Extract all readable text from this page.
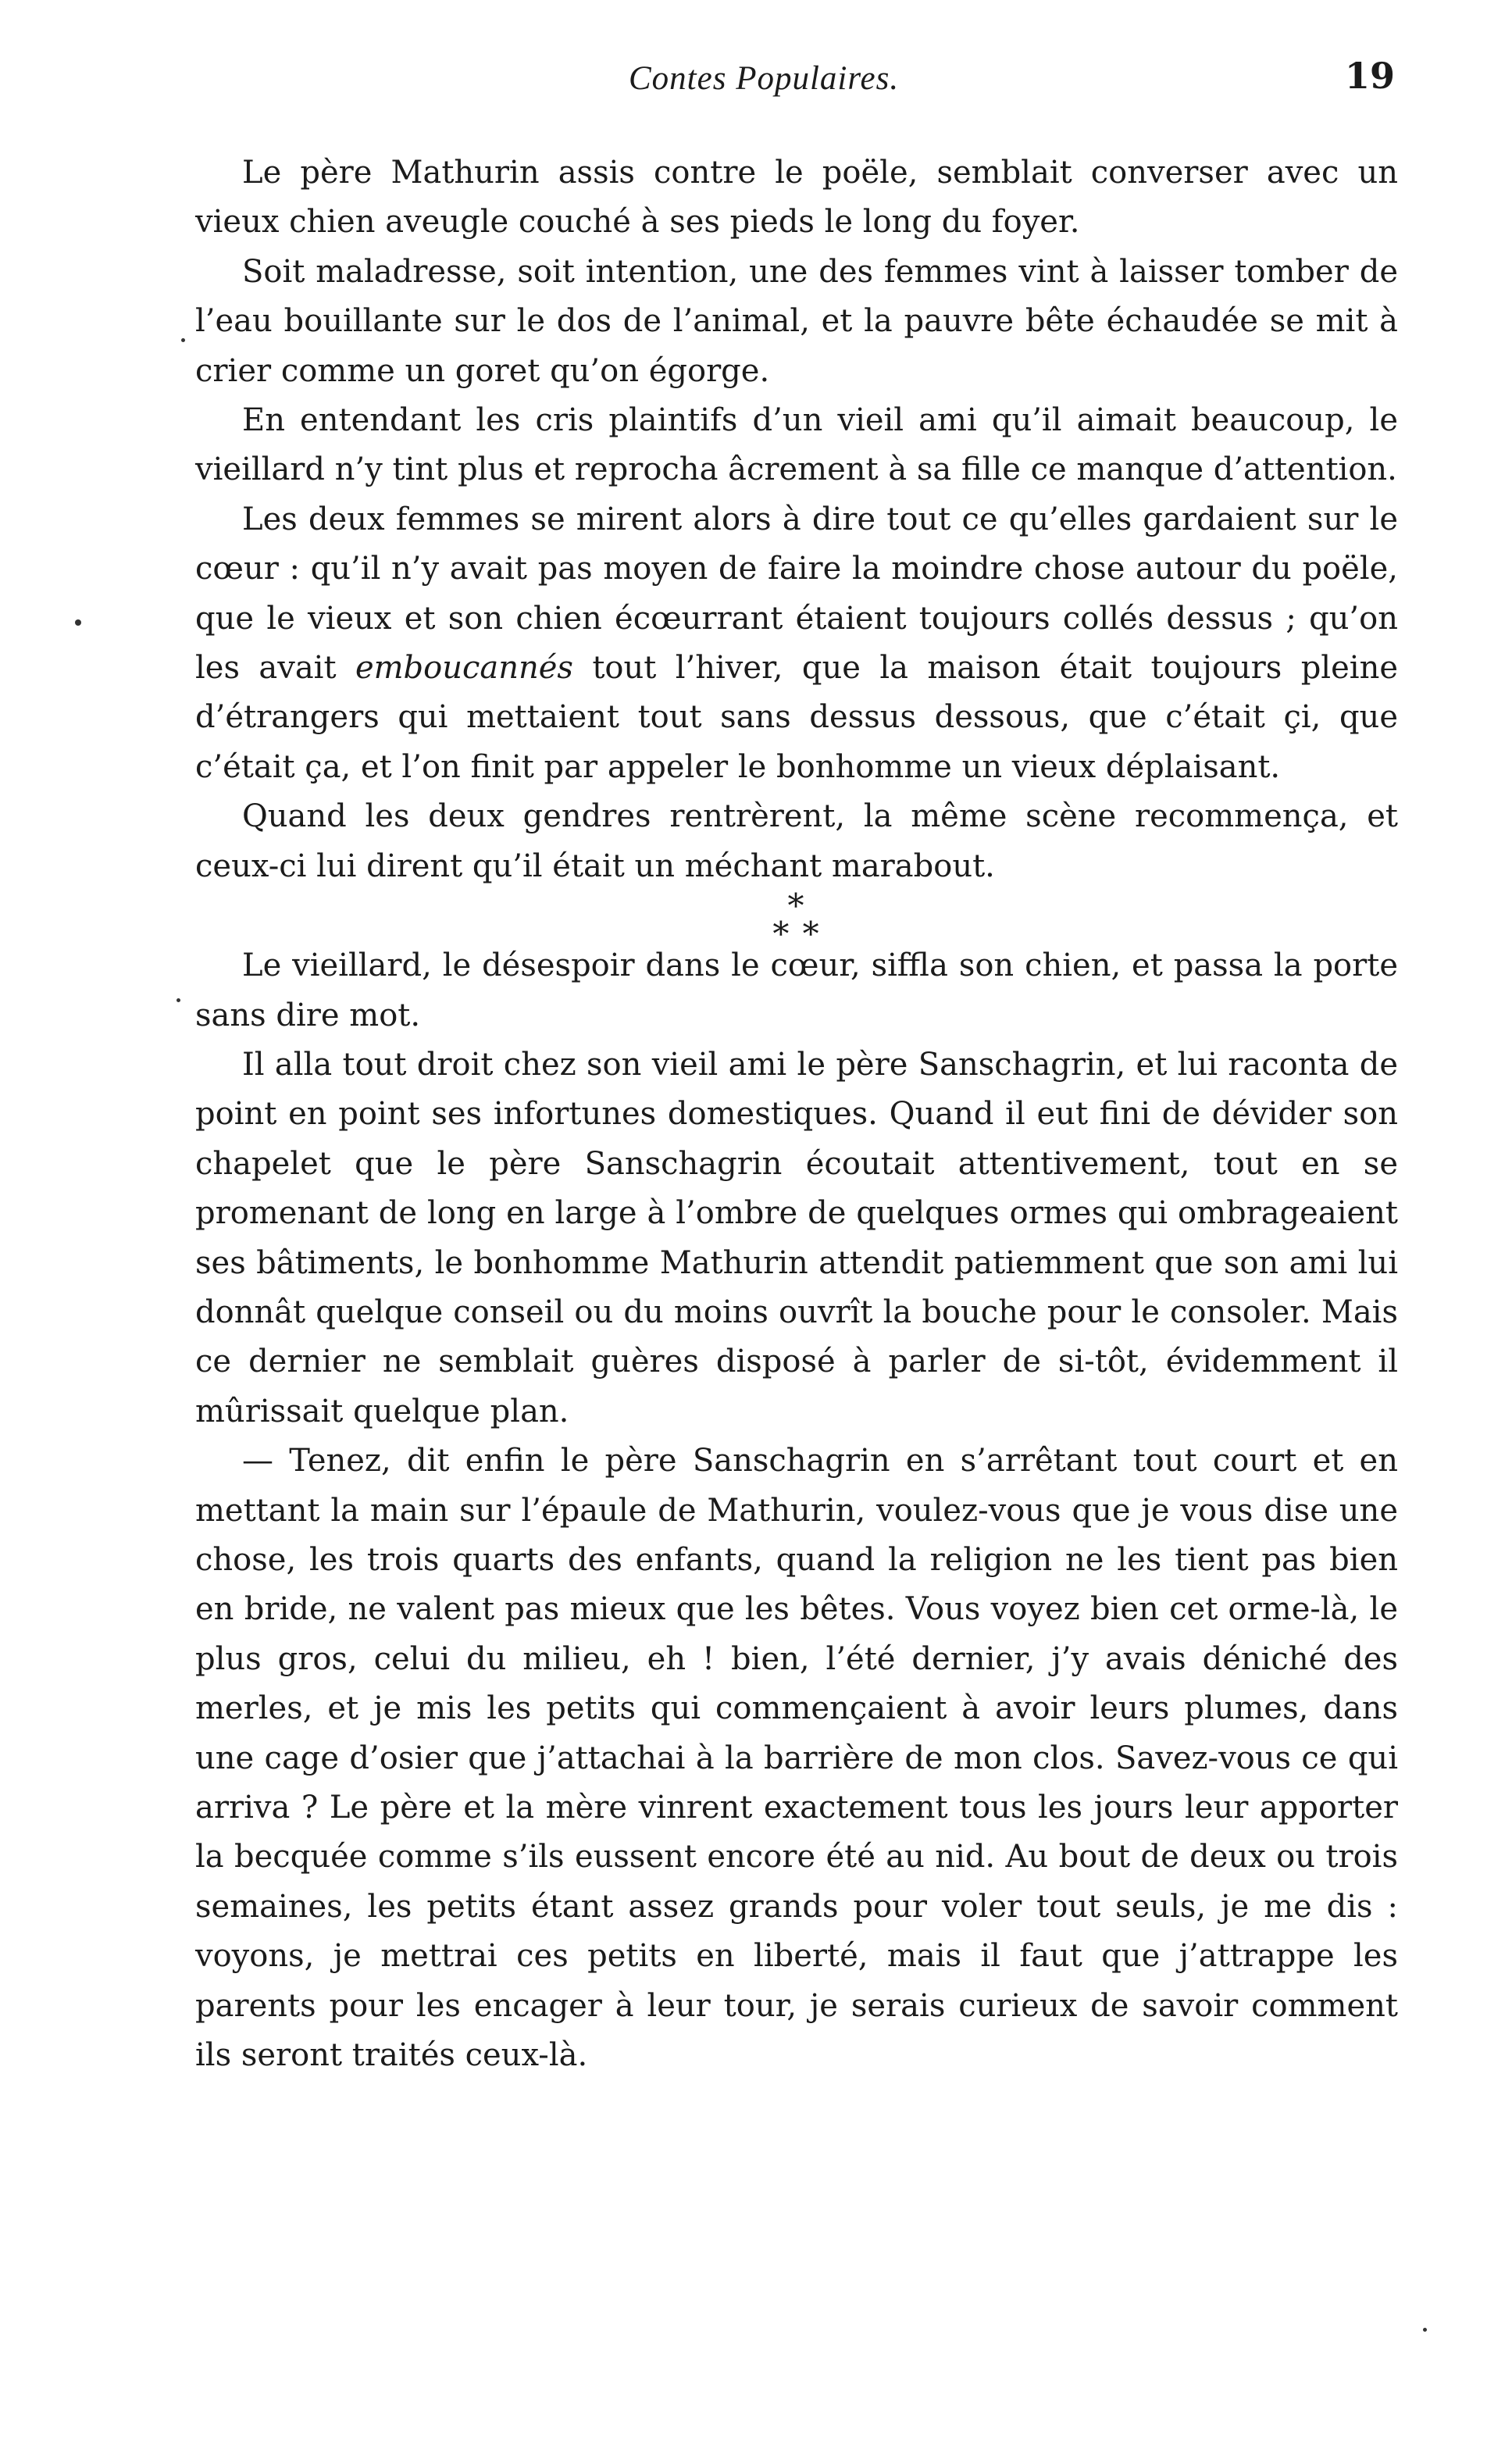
Contes Populaires.	19

Le père Mathurin assis contre le poële, semblait converser avec un vieux chien aveugle couché à ses pieds le long du foyer.

Soit maladresse, soit intention, une des femmes vint à laisser tomber de l’eau bouillante sur le dos de l’animal, et la pauvre bête échaudée se mit à crier comme un goret qu’on égorge.

En entendant les cris plaintifs d’un vieil ami qu’il aimait beaucoup, le vieillard n’y tint plus et reprocha âcrement à sa fille ce manque d’attention.

Les deux femmes se mirent alors à dire tout ce qu’elles gardaient sur le cœur : qu’il n’y avait pas moyen de faire la moindre chose autour du poële, que le vieux et son chien écœurrant étaient toujours collés dessus ; qu’on les avait emboucannés tout l’hiver, que la maison était toujours pleine d’étrangers qui mettaient tout sans dessus dessous, que c’était çi, que c’était ça, et l’on finit par appeler le bonhomme un vieux déplaisant.

Quand les deux gendres rentrèrent, la même scène recommença, et ceux-ci lui dirent qu’il était un méchant marabout.

*
* *

Le vieillard, le désespoir dans le cœur, siffla son chien, et passa la porte sans dire mot.

Il alla tout droit chez son vieil ami le père Sanschagrin, et lui raconta de point en point ses infortunes domestiques. Quand il eut fini de dévider son chapelet que le père Sanschagrin écoutait attentivement, tout en se promenant de long en large à l’ombre de quelques ormes qui ombrageaient ses bâtiments, le bonhomme Mathurin attendit patiemment que son ami lui donnât quelque conseil ou du moins ouvrît la bouche pour le consoler. Mais ce dernier ne semblait guères disposé à parler de si-tôt, évidemment il mûrissait quelque plan.

— Tenez, dit enfin le père Sanschagrin en s’arrêtant tout court et en mettant la main sur l’épaule de Mathurin, voulez-vous que je vous dise une chose, les trois quarts des enfants, quand la religion ne les tient pas bien en bride, ne valent pas mieux que les bêtes. Vous voyez bien cet orme-là, le plus gros, celui du milieu, eh ! bien, l’été dernier, j’y avais déniché des merles, et je mis les petits qui commençaient à avoir leurs plumes, dans une cage d’osier que j’attachai à la barrière de mon clos. Savez-vous ce qui arriva ? Le père et la mère vinrent exactement tous les jours leur apporter la becquée comme s’ils eussent encore été au nid. Au bout de deux ou trois semaines, les petits étant assez grands pour voler tout seuls, je me dis : voyons, je mettrai ces petits en liberté, mais il faut que j’attrappe les parents pour les encager à leur tour, je serais curieux de savoir comment ils seront traités ceux-là.
